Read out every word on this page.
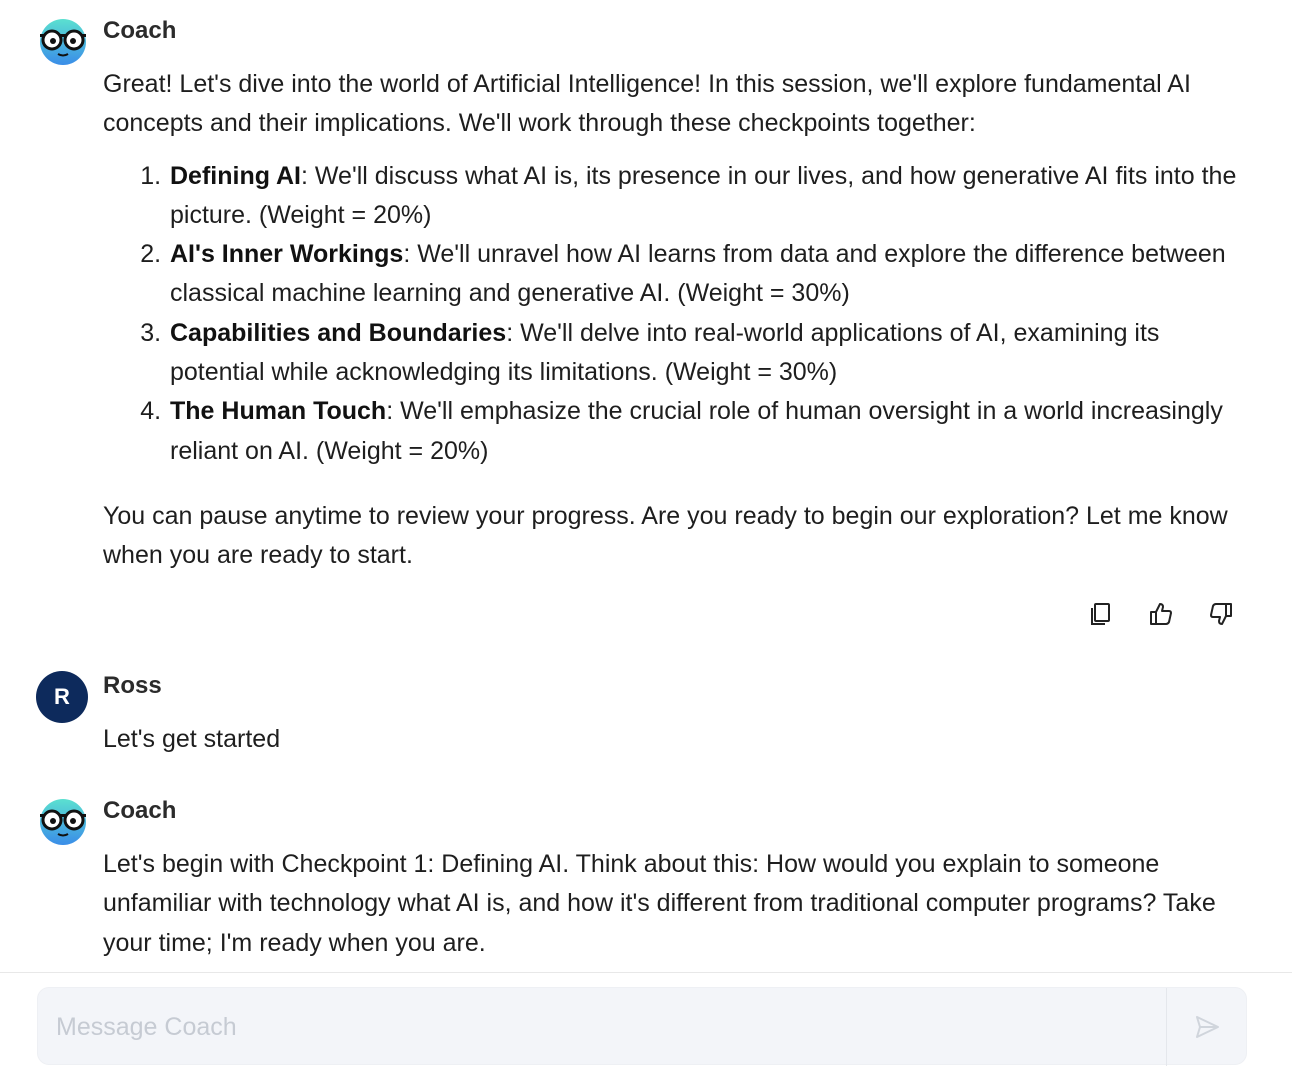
Coach

Great! Let's dive into the world of Artificial Intelligence! In this session, we'll explore fundamental AI concepts and their implications. We'll work through these checkpoints together:

1. Defining AI: We'll discuss what AI is, its presence in our lives, and how generative AI fits into the picture. (Weight = 20%)
2. AI's Inner Workings: We'll unravel how AI learns from data and explore the difference between classical machine learning and generative AI. (Weight = 30%)
3. Capabilities and Boundaries: We'll delve into real-world applications of AI, examining its potential while acknowledging its limitations. (Weight = 30%)
4. The Human Touch: We'll emphasize the crucial role of human oversight in a world increasingly reliant on AI. (Weight = 20%)

You can pause anytime to review your progress. Are you ready to begin our exploration? Let me know when you are ready to start.

R	Ross

Let's get started

Coach

Let's begin with Checkpoint 1: Defining AI. Think about this: How would you explain to someone unfamiliar with technology what AI is, and how it's different from traditional computer programs? Take your time; I'm ready when you are.

Message Coach
